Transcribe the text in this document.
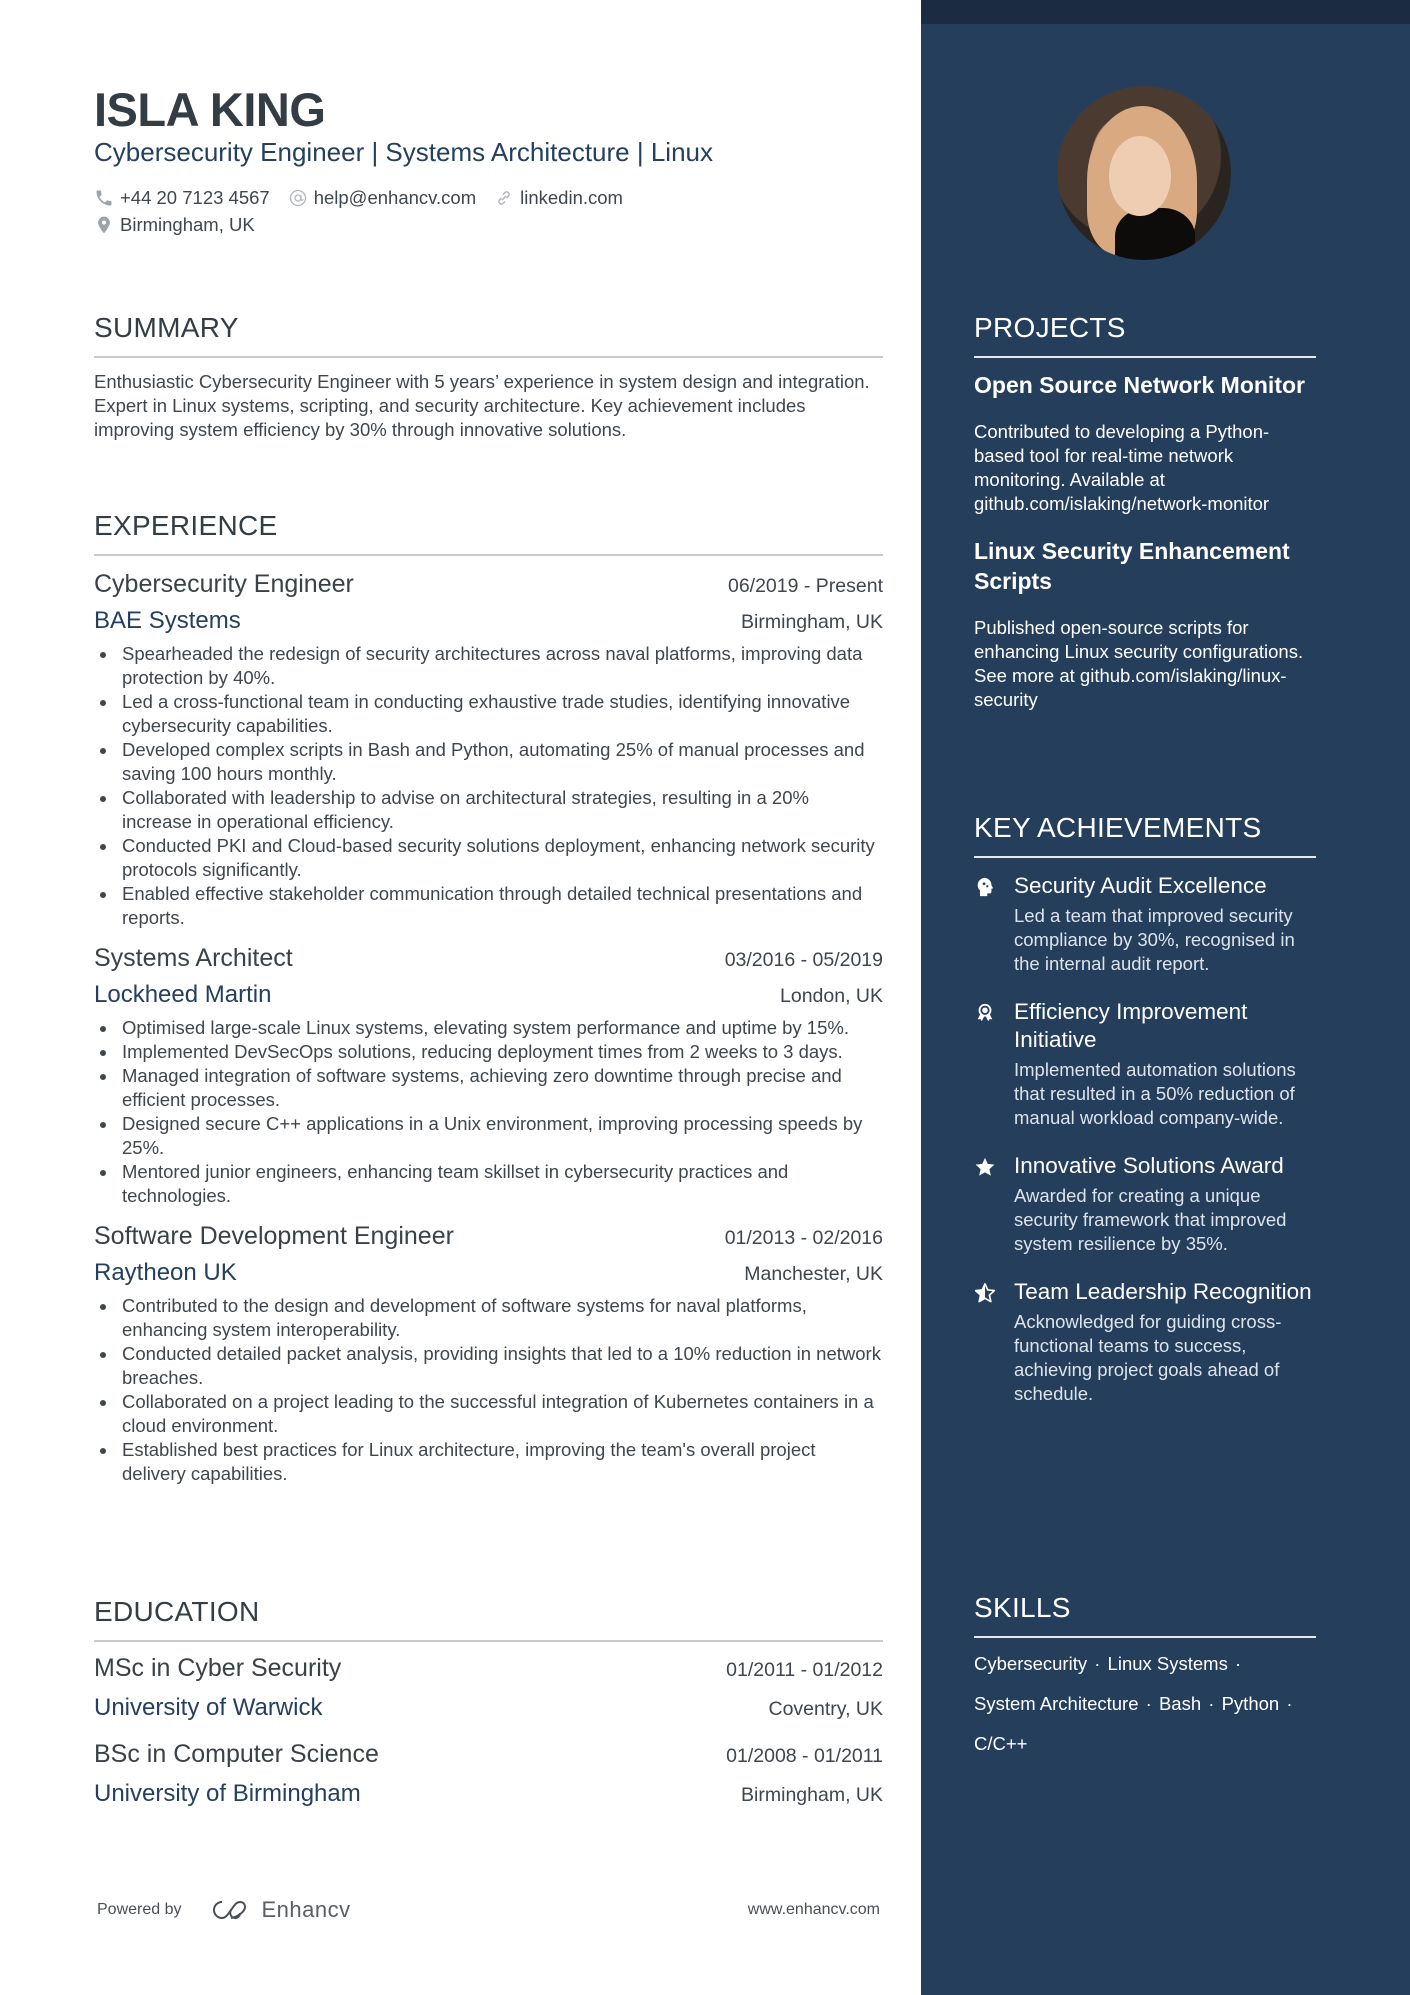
ISLA KING
Cybersecurity Engineer | Systems Architecture | Linux
+44 20 7123 4567 help@enhancv.com linkedin.com
Birmingham, UK
SUMMARY
Enthusiastic Cybersecurity Engineer with 5 years’ experience in system design and integration. Expert in Linux systems, scripting, and security architecture. Key achievement includes improving system efficiency by 30% through innovative solutions.
EXPERIENCE
Cybersecurity Engineer	06/2019 - Present
BAE Systems	Birmingham, UK
Spearheaded the redesign of security architectures across naval platforms, improving data protection by 40%.
Led a cross-functional team in conducting exhaustive trade studies, identifying innovative cybersecurity capabilities.
Developed complex scripts in Bash and Python, automating 25% of manual processes and saving 100 hours monthly.
Collaborated with leadership to advise on architectural strategies, resulting in a 20% increase in operational efficiency.
Conducted PKI and Cloud-based security solutions deployment, enhancing network security protocols significantly.
Enabled effective stakeholder communication through detailed technical presentations and reports.
Systems Architect	03/2016 - 05/2019
Lockheed Martin	London, UK
Optimised large-scale Linux systems, elevating system performance and uptime by 15%.
Implemented DevSecOps solutions, reducing deployment times from 2 weeks to 3 days.
Managed integration of software systems, achieving zero downtime through precise and efficient processes.
Designed secure C++ applications in a Unix environment, improving processing speeds by 25%.
Mentored junior engineers, enhancing team skillset in cybersecurity practices and technologies.
Software Development Engineer	01/2013 - 02/2016
Raytheon UK	Manchester, UK
Contributed to the design and development of software systems for naval platforms, enhancing system interoperability.
Conducted detailed packet analysis, providing insights that led to a 10% reduction in network breaches.
Collaborated on a project leading to the successful integration of Kubernetes containers in a cloud environment.
Established best practices for Linux architecture, improving the team's overall project delivery capabilities.
EDUCATION
MSc in Cyber Security	01/2011 - 01/2012
University of Warwick	Coventry, UK
BSc in Computer Science	01/2008 - 01/2011
University of Birmingham	Birmingham, UK
Powered by	Enhancv	www.enhancv.com
PROJECTS
Open Source Network Monitor
Contributed to developing a Python-based tool for real-time network monitoring. Available at github.com/islaking/network-monitor
Linux Security Enhancement Scripts
Published open-source scripts for enhancing Linux security configurations. See more at github.com/islaking/linux-security
KEY ACHIEVEMENTS
Security Audit Excellence
Led a team that improved security compliance by 30%, recognised in the internal audit report.
Efficiency Improvement Initiative
Implemented automation solutions that resulted in a 50% reduction of manual workload company-wide.
Innovative Solutions Award
Awarded for creating a unique security framework that improved system resilience by 35%.
Team Leadership Recognition
Acknowledged for guiding cross-functional teams to success, achieving project goals ahead of schedule.
SKILLS
Cybersecurity · Linux Systems ·
System Architecture · Bash · Python ·
C/C++
